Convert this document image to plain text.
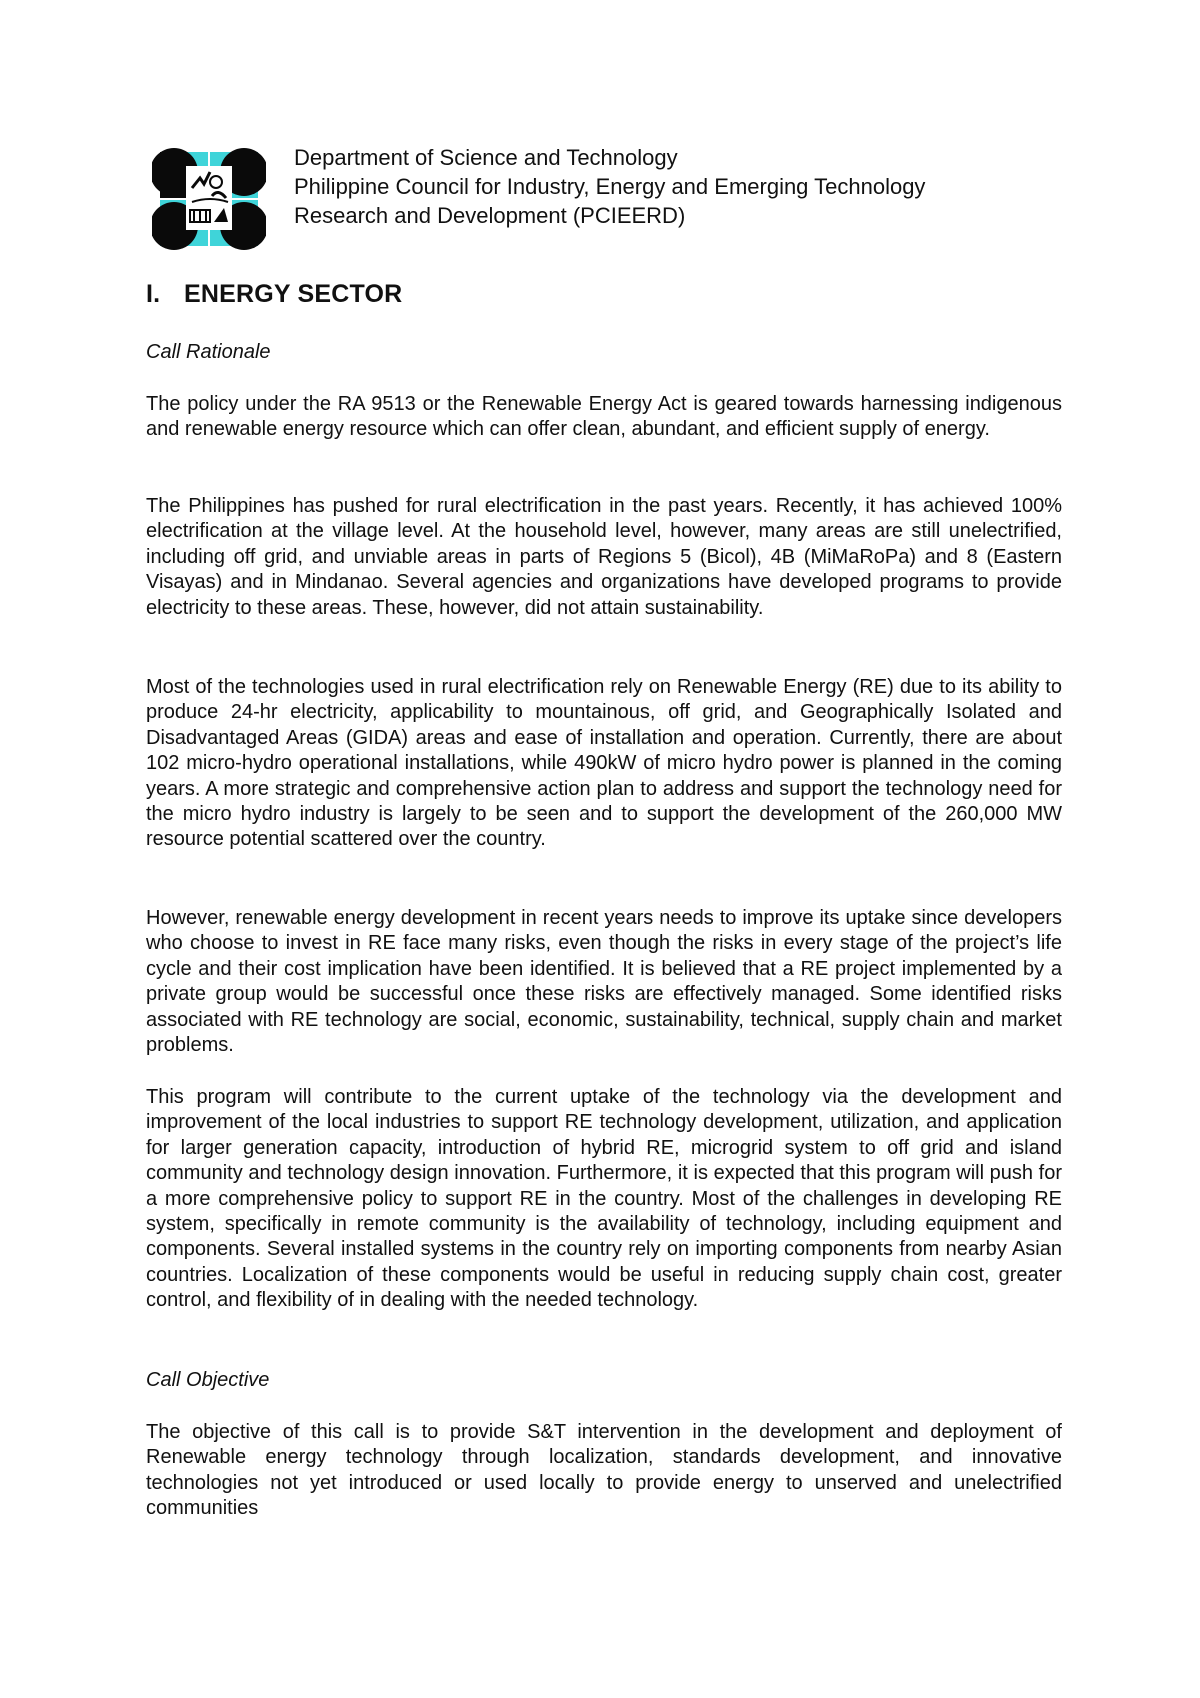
Department of Science and Technology
Philippine Council for Industry, Energy and Emerging Technology
Research and Development (PCIEERD)
I. ENERGY SECTOR
Call Rationale

The policy under the RA 9513 or the Renewable Energy Act is geared towards harnessing indigenous and renewable energy resource which can offer clean, abundant, and efficient supply of energy.

The Philippines has pushed for rural electrification in the past years. Recently, it has achieved 100% electrification at the village level. At the household level, however, many areas are still unelectrified, including off grid, and unviable areas in parts of Regions 5 (Bicol), 4B (MiMaRoPa) and 8 (Eastern Visayas) and in Mindanao. Several agencies and organizations have developed programs to provide electricity to these areas. These, however, did not attain sustainability.

Most of the technologies used in rural electrification rely on Renewable Energy (RE) due to its ability to produce 24-hr electricity, applicability to mountainous, off grid, and Geographically Isolated and Disadvantaged Areas (GIDA) areas and ease of installation and operation. Currently, there are about 102 micro-hydro operational installations, while 490kW of micro hydro power is planned in the coming years. A more strategic and comprehensive action plan to address and support the technology need for the micro hydro industry is largely to be seen and to support the development of the 260,000 MW resource potential scattered over the country.

However, renewable energy development in recent years needs to improve its uptake since developers who choose to invest in RE face many risks, even though the risks in every stage of the project’s life cycle and their cost implication have been identified. It is believed that a RE project implemented by a private group would be successful once these risks are effectively managed. Some identified risks associated with RE technology are social, economic, sustainability, technical, supply chain and market problems.

This program will contribute to the current uptake of the technology via the development and improvement of the local industries to support RE technology development, utilization, and application for larger generation capacity, introduction of hybrid RE, microgrid system to off grid and island community and technology design innovation. Furthermore, it is expected that this program will push for a more comprehensive policy to support RE in the country. Most of the challenges in developing RE system, specifically in remote community is the availability of technology, including equipment and components. Several installed systems in the country rely on importing components from nearby Asian countries. Localization of these components would be useful in reducing supply chain cost, greater control, and flexibility of in dealing with the needed technology.

Call Objective

The objective of this call is to provide S&T intervention in the development and deployment of Renewable energy technology through localization, standards development, and innovative technologies not yet introduced or used locally to provide energy to unserved and unelectrified communities
